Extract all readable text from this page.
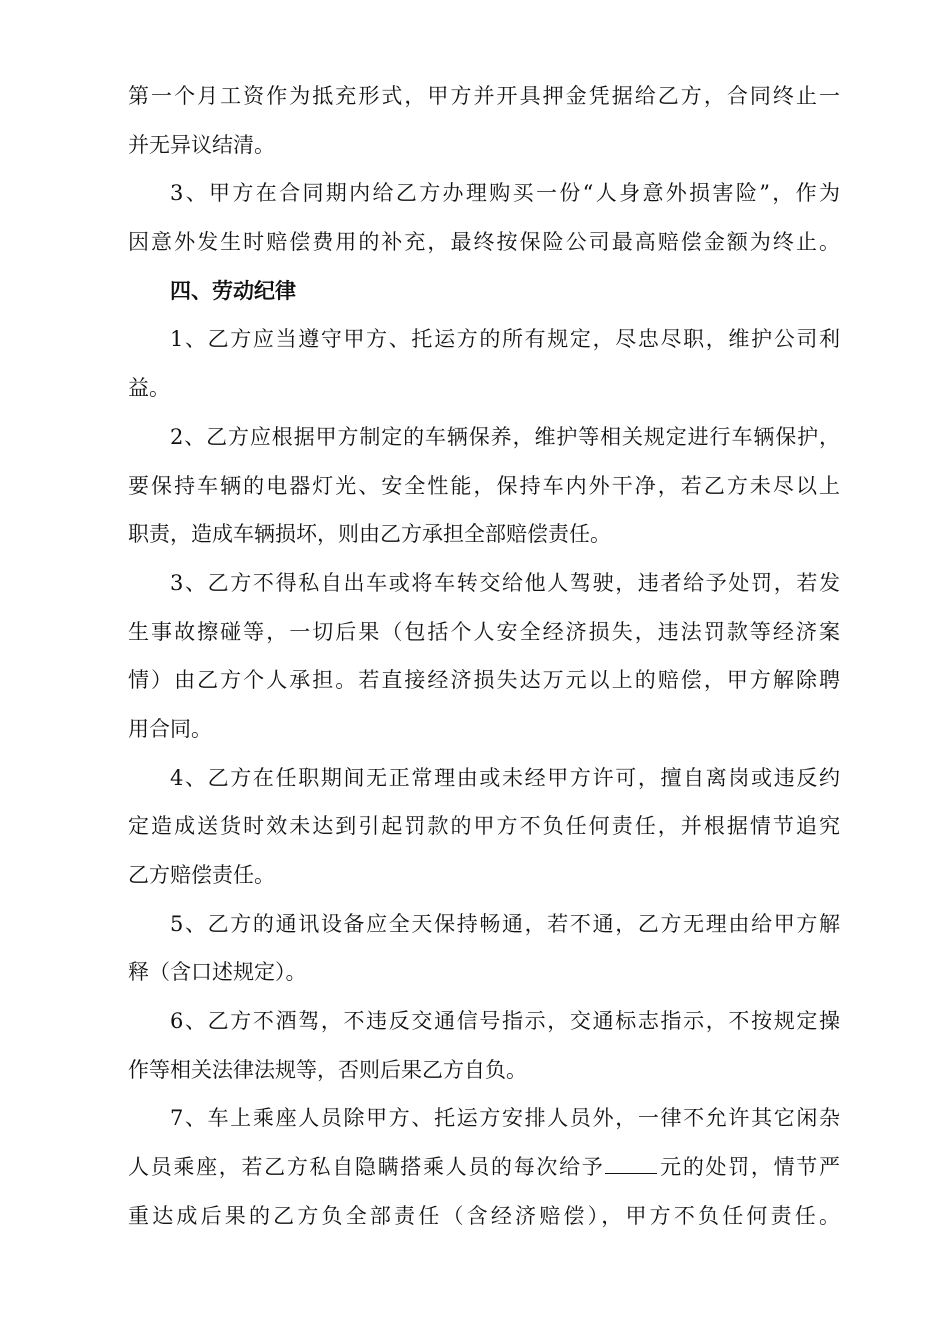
第一个月工资作为抵充形式，甲方并开具押金凭据给乙方，合同终止一
并无异议结清。
3、甲方在合同期内给乙方办理购买一份“人身意外损害险”，作为
因意外发生时赔偿费用的补充，最终按保险公司最高赔偿金额为终止。
四、劳动纪律
1、乙方应当遵守甲方、托运方的所有规定，尽忠尽职，维护公司利
益。
2、乙方应根据甲方制定的车辆保养，维护等相关规定进行车辆保护，
要保持车辆的电器灯光、安全性能，保持车内外干净，若乙方未尽以上
职责，造成车辆损坏，则由乙方承担全部赔偿责任。
3、乙方不得私自出车或将车转交给他人驾驶，违者给予处罚，若发
生事故擦碰等，一切后果（包括个人安全经济损失，违法罚款等经济案
情）由乙方个人承担。若直接经济损失达万元以上的赔偿，甲方解除聘
用合同。
4、乙方在任职期间无正常理由或未经甲方许可，擅自离岗或违反约
定造成送货时效未达到引起罚款的甲方不负任何责任，并根据情节追究
乙方赔偿责任。
5、乙方的通讯设备应全天保持畅通，若不通，乙方无理由给甲方解
释（含口述规定）。
6、乙方不酒驾，不违反交通信号指示，交通标志指示，不按规定操
作等相关法律法规等，否则后果乙方自负。
7、车上乘座人员除甲方、托运方安排人员外，一律不允许其它闲杂
人员乘座，若乙方私自隐瞒搭乘人员的每次给予	元的处罚，情节严
重达成后果的乙方负全部责任（含经济赔偿），甲方不负任何责任。
